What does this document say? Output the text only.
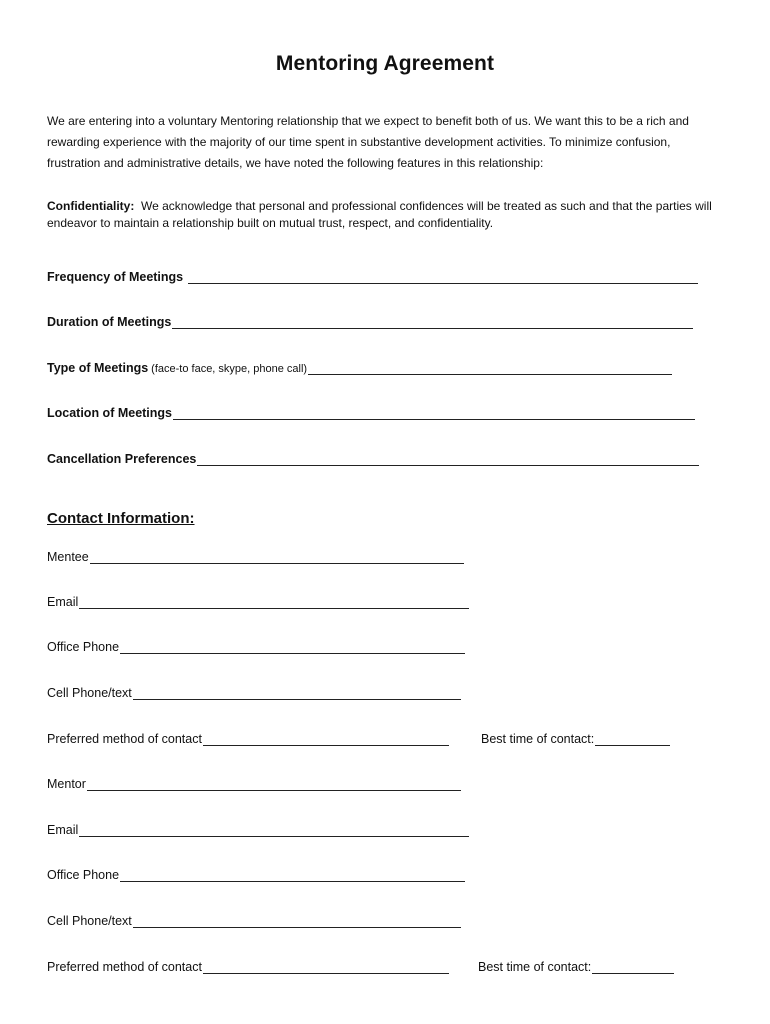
Mentoring Agreement
We are entering into a voluntary Mentoring relationship that we expect to benefit both of us. We want this to be a rich and rewarding experience with the majority of our time spent in substantive development activities. To minimize confusion, frustration and administrative details, we have noted the following features in this relationship:
Confidentiality: We acknowledge that personal and professional confidences will be treated as such and that the parties will endeavor to maintain a relationship built on mutual trust, respect, and confidentiality.
Frequency of Meetings
Duration of Meetings
Type of Meetings (face-to face, skype, phone call)
Location of Meetings
Cancellation Preferences
Contact Information:
Mentee
Email
Office Phone
Cell Phone/text
Preferred method of contact	Best time of contact:
Mentor
Email
Office Phone
Cell Phone/text
Preferred method of contact	Best time of contact:
